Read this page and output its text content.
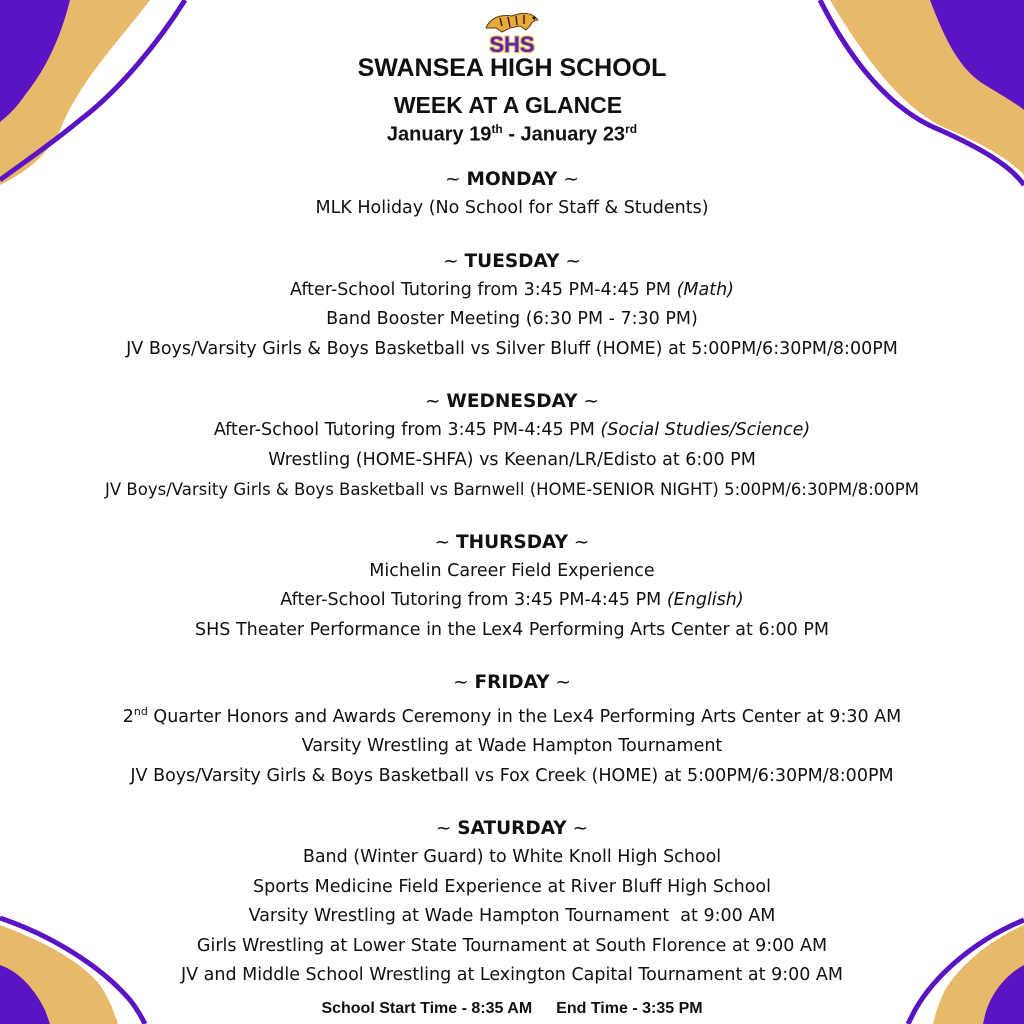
SHS
SWANSEA HIGH SCHOOL
WEEK AT A GLANCE
January 19th - January 23rd
~ MONDAY ~
MLK Holiday (No School for Staff & Students)
~ TUESDAY ~
After-School Tutoring from 3:45 PM-4:45 PM (Math)
Band Booster Meeting (6:30 PM - 7:30 PM)
JV Boys/Varsity Girls & Boys Basketball vs Silver Bluff (HOME) at 5:00PM/6:30PM/8:00PM
~ WEDNESDAY ~
After-School Tutoring from 3:45 PM-4:45 PM (Social Studies/Science)
Wrestling (HOME-SHFA) vs Keenan/LR/Edisto at 6:00 PM
JV Boys/Varsity Girls & Boys Basketball vs Barnwell (HOME-SENIOR NIGHT) 5:00PM/6:30PM/8:00PM
~ THURSDAY ~
Michelin Career Field Experience
After-School Tutoring from 3:45 PM-4:45 PM (English)
SHS Theater Performance in the Lex4 Performing Arts Center at 6:00 PM
~ FRIDAY ~
2nd Quarter Honors and Awards Ceremony in the Lex4 Performing Arts Center at 9:30 AM
Varsity Wrestling at Wade Hampton Tournament
JV Boys/Varsity Girls & Boys Basketball vs Fox Creek (HOME) at 5:00PM/6:30PM/8:00PM
~ SATURDAY ~
Band (Winter Guard) to White Knoll High School
Sports Medicine Field Experience at River Bluff High School
Varsity Wrestling at Wade Hampton Tournament  at 9:00 AM
Girls Wrestling at Lower State Tournament at South Florence at 9:00 AM
JV and Middle School Wrestling at Lexington Capital Tournament at 9:00 AM
School Start Time - 8:35 AM End Time - 3:35 PM
